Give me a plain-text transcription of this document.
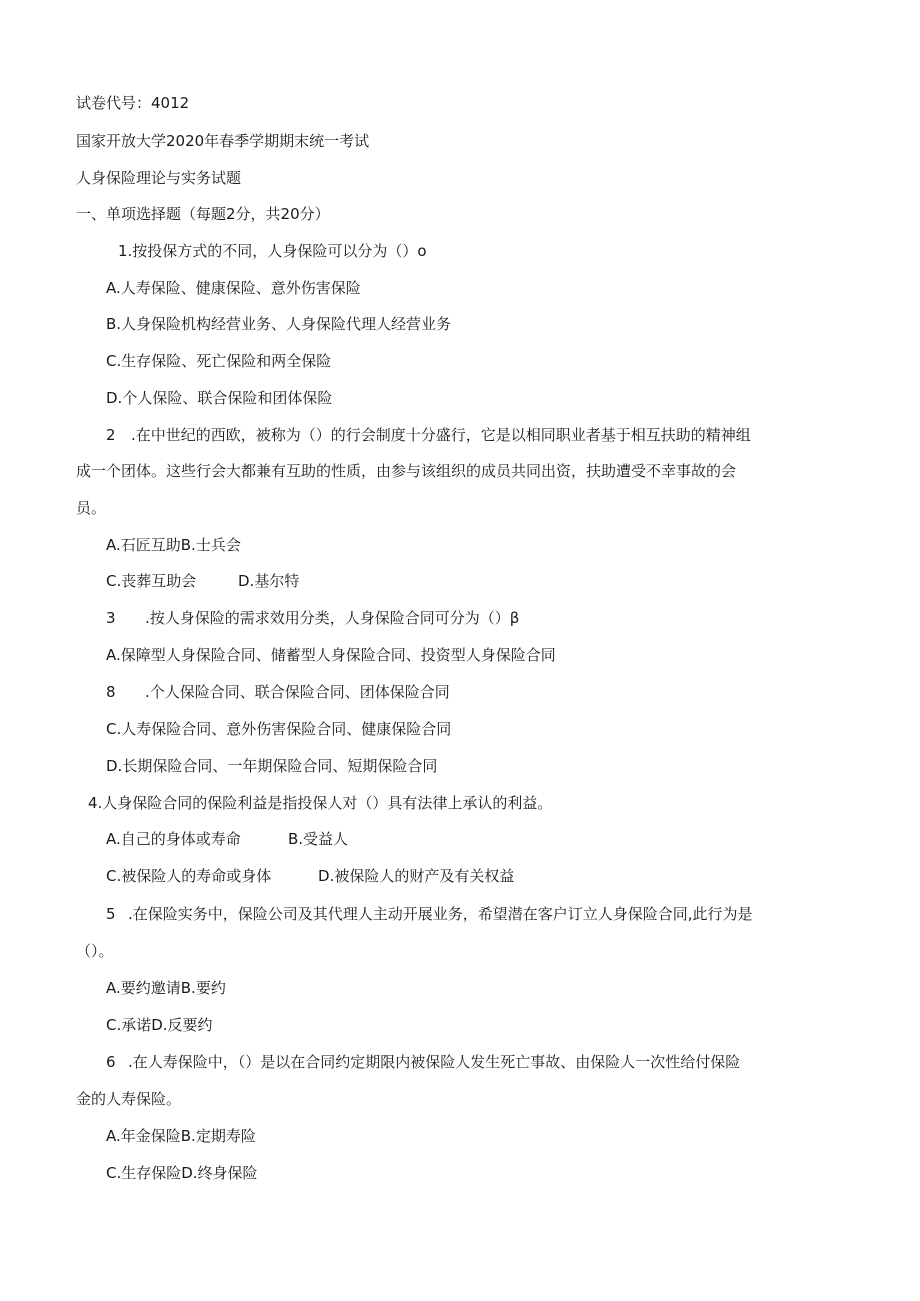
试卷代号：4012
国家开放大学2020年春季学期期末统一考试
人身保险理论与实务试题
一、单项选择题（每题2分，共20分）
1.按投保方式的不同，人身保险可以分为（）o
A.人寿保险、健康保险、意外伤害保险
B.人身保险机构经营业务、人身保险代理人经营业务
C.生存保险、死亡保险和两全保险
D.个人保险、联合保险和团体保险
2 .在中世纪的西欧，被称为（）的行会制度十分盛行，它是以相同职业者基于相互扶助的精神组
成一个团体。这些行会大都兼有互助的性质，由参与该组织的成员共同出资，扶助遭受不幸事故的会
员。
A.石匠互助B.士兵会
C.丧葬互助会	D.基尔特
3 .按人身保险的需求效用分类，人身保险合同可分为（）β
A.保障型人身保险合同、储蓄型人身保险合同、投资型人身保险合同
8 .个人保险合同、联合保险合同、团体保险合同
C.人寿保险合同、意外伤害保险合同、健康保险合同
D.长期保险合同、一年期保险合同、短期保险合同
4.人身保险合同的保险利益是指投保人对（）具有法律上承认的利益。
A.自己的身体或寿命	B.受益人
C.被保险人的寿命或身体	D.被保险人的财产及有关权益
5 .在保险实务中，保险公司及其代理人主动开展业务，希望潜在客户订立人身保险合同,此行为是
（）。
A.要约邀请B.要约
C.承诺D.反要约
6 .在人寿保险中，（）是以在合同约定期限内被保险人发生死亡事故、由保险人一次性给付保险
金的人寿保险。
A.年金保险B.定期寿险
C.生存保险D.终身保险
